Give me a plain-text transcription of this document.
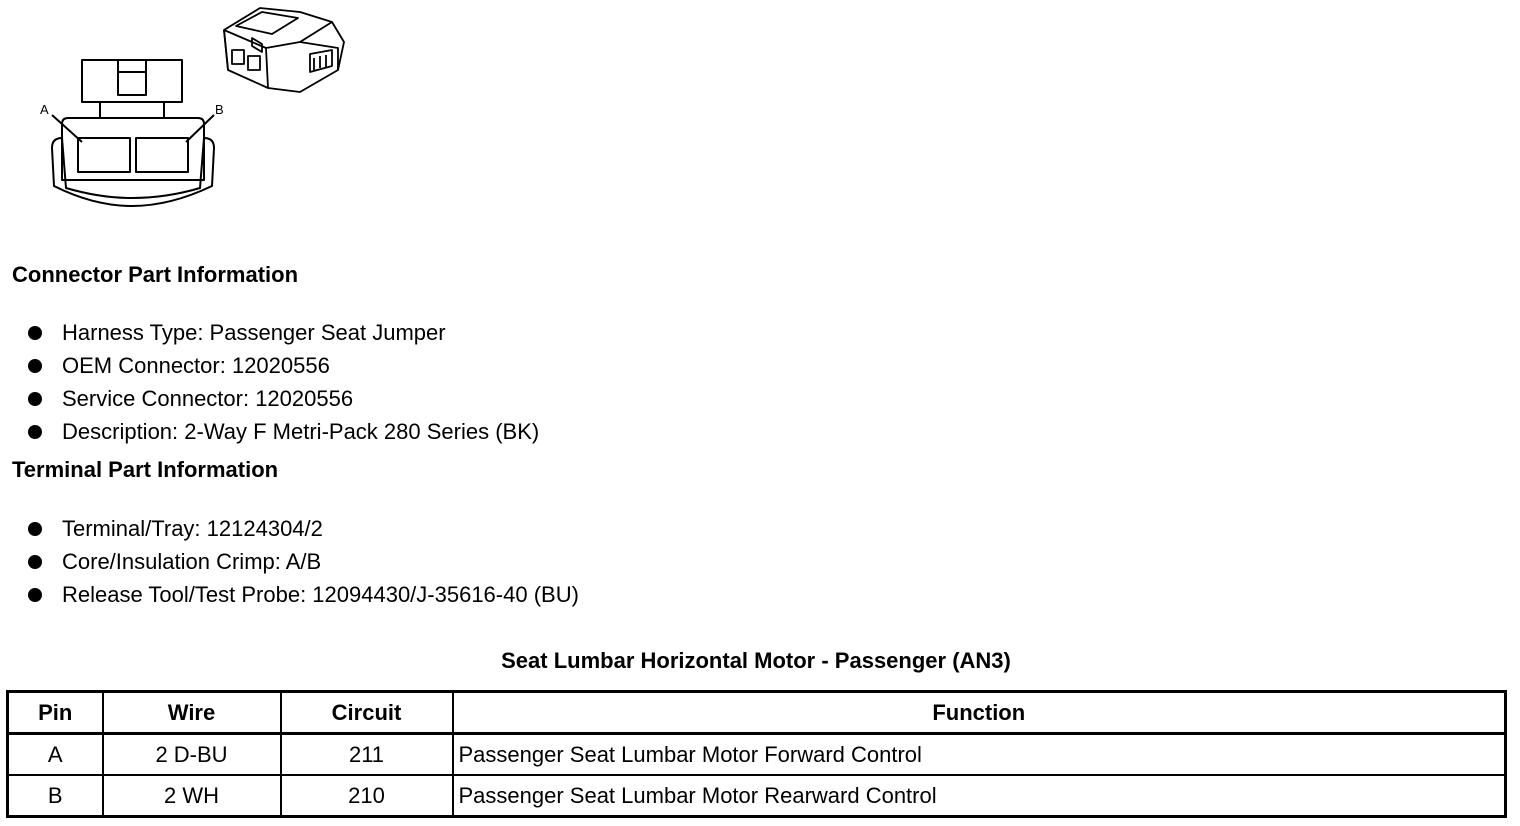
A	B
Connector Part Information
Harness Type: Passenger Seat Jumper
OEM Connector: 12020556
Service Connector: 12020556
Description: 2-Way F Metri-Pack 280 Series (BK)
Terminal Part Information
Terminal/Tray: 12124304/2
Core/Insulation Crimp: A/B
Release Tool/Test Probe: 12094430/J-35616-40 (BU)
Seat Lumbar Horizontal Motor - Passenger (AN3)
Pin	Wire	Circuit	Function
A	2 D-BU	211	Passenger Seat Lumbar Motor Forward Control
B	2 WH	210	Passenger Seat Lumbar Motor Rearward Control
